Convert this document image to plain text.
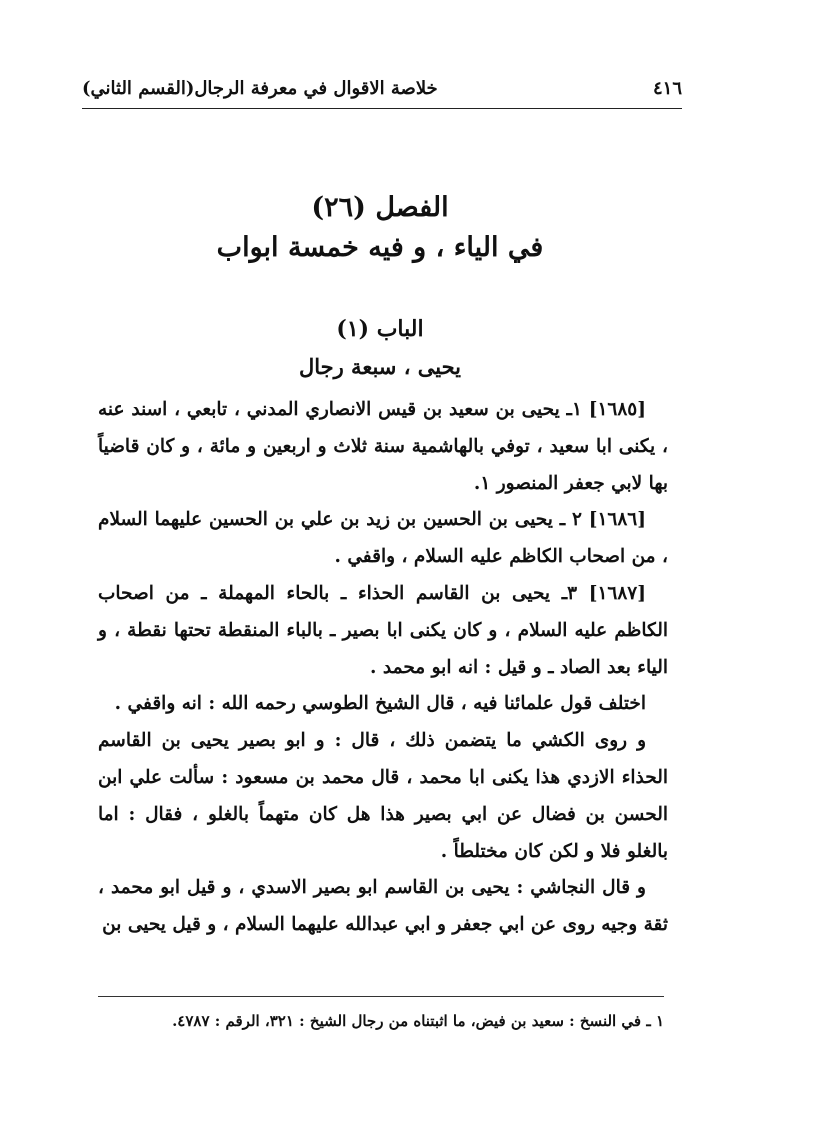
٤١٦
خلاصة الاقوال في معرفة الرجال(القسم الثاني)
الفصل (٢٦)
في الياء ، و فيه خمسة ابواب
الباب (١)
يحيى ، سبعة رجال

[١٦٨٥] ١ـ يحيى بن سعيد بن قيس الانصاري المدني ، تابعي ، اسند عنه ، يكنى ابا سعيد ، توفي بالهاشمية سنة ثلاث و اربعين و مائة ، و كان قاضياً بها لابي جعفر المنصور ١.

[١٦٨٦] ٢ ـ يحيى بن الحسين بن زيد بن علي بن الحسين عليهما السلام ، من اصحاب الكاظم عليه السلام ، واقفي .

[١٦٨٧] ٣ـ يحيى بن القاسم الحذاء ـ بالحاء المهملة ـ من اصحاب الكاظم عليه السلام ، و كان يكنى ابا بصير ـ بالباء المنقطة تحتها نقطة ، و الياء بعد الصاد ـ و قيل : انه ابو محمد .

اختلف قول علمائنا فيه ، قال الشيخ الطوسي رحمه الله : انه واقفي .

و روى الكشي ما يتضمن ذلك ، قال : و ابو بصير يحيى بن القاسم الحذاء الازدي هذا يكنى ابا محمد ، قال محمد بن مسعود : سألت علي ابن الحسن بن فضال عن ابي بصير هذا هل كان متهماً بالغلو ، فقال : اما بالغلو فلا و لكن كان مختلطاً .

و قال النجاشي : يحيى بن القاسم ابو بصير الاسدي ، و قيل ابو محمد ، ثقة وجيه روى عن ابي جعفر و ابي عبدالله عليهما السلام ، و قيل يحيى بن

١ ـ في النسخ : سعيد بن فيض، ما اثبتناه من رجال الشيخ : ٣٢١، الرقم : ٤٧٨٧.
